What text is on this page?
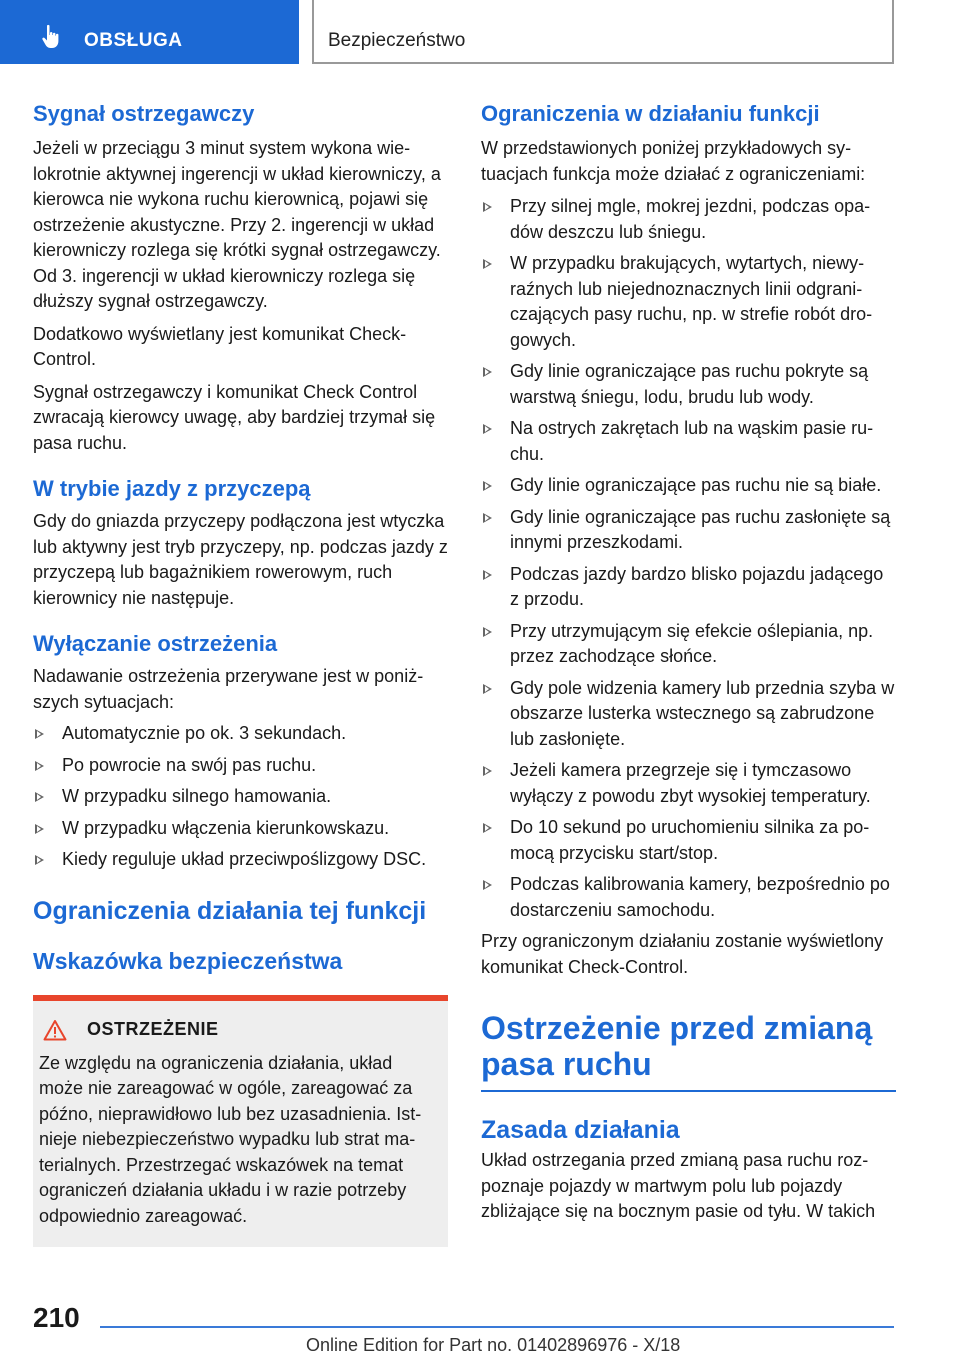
OBSŁUGA	Bezpieczeństwo
Sygnał ostrzegawczy

Jeżeli w przeciągu 3 minut system wykona wielokrotnie aktywnej ingerencji w układ kierowniczy, a kierowca nie wykona ruchu kierownicą, pojawi się ostrzeżenie akustyczne. Przy 2. ingerencji w układ kierowniczy rozlega się krótki sygnał ostrzegawczy. Od 3. ingerencji w układ kierowniczy rozlega się dłuższy sygnał ostrzegawczy.

Dodatkowo wyświetlany jest komunikat Check-Control.

Sygnał ostrzegawczy i komunikat Check Control zwracają kierowcy uwagę, aby bardziej trzymał się pasa ruchu.

W trybie jazdy z przyczepą

Gdy do gniazda przyczepy podłączona jest wtyczka lub aktywny jest tryb przyczepy, np. podczas jazdy z przyczepą lub bagażnikiem rowerowym, ruch kierownicy nie następuje.

Wyłączanie ostrzeżenia

Nadawanie ostrzeżenia przerywane jest w poniższych sytuacjach:

Automatycznie po ok. 3 sekundach.
Po powrocie na swój pas ruchu.
W przypadku silnego hamowania.
W przypadku włączenia kierunkowskazu.
Kiedy reguluje układ przeciwpoślizgowy DSC.
Ograniczenia działania tej funkcji
Wskazówka bezpieczeństwa
OSTRZEŻENIE

Ze względu na ograniczenia działania, układ może nie zareagować w ogóle, zareagować za późno, nieprawidłowo lub bez uzasadnienia. Istnieje niebezpieczeństwo wypadku lub strat materialnych. Przestrzegać wskazówek na temat ograniczeń działania układu i w razie potrzeby odpowiednio zareagować.

Ograniczenia w działaniu funkcji

W przedstawionych poniżej przykładowych sytuacjach funkcja może działać z ograniczeniami:

Przy silnej mgle, mokrej jezdni, podczas opadów deszczu lub śniegu.
W przypadku brakujących, wytartych, niewyraźnych lub niejednoznacznych linii odgraniczających pasy ruchu, np. w strefie robót drogowych.
Gdy linie ograniczające pas ruchu pokryte są warstwą śniegu, lodu, brudu lub wody.
Na ostrych zakrętach lub na wąskim pasie ruchu.
Gdy linie ograniczające pas ruchu nie są białe.
Gdy linie ograniczające pas ruchu zasłonięte są innymi przeszkodami.
Podczas jazdy bardzo blisko pojazdu jadącego z przodu.
Przy utrzymującym się efekcie oślepiania, np. przez zachodzące słońce.
Gdy pole widzenia kamery lub przednia szyba w obszarze lusterka wstecznego są zabrudzone lub zasłonięte.
Jeżeli kamera przegrzeje się i tymczasowo wyłączy z powodu zbyt wysokiej temperatury.
Do 10 sekund po uruchomieniu silnika za pomocą przycisku start/stop.
Podczas kalibrowania kamery, bezpośrednio po dostarczeniu samochodu.

Przy ograniczonym działaniu zostanie wyświetlony komunikat Check-Control.

Ostrzeżenie przed zmianą pasa ruchu
Zasada działania

Układ ostrzegania przed zmianą pasa ruchu rozpoznaje pojazdy w martwym polu lub pojazdy zbliżające się na bocznym pasie od tyłu. W takich

210
Online Edition for Part no. 01402896976 - X/18
